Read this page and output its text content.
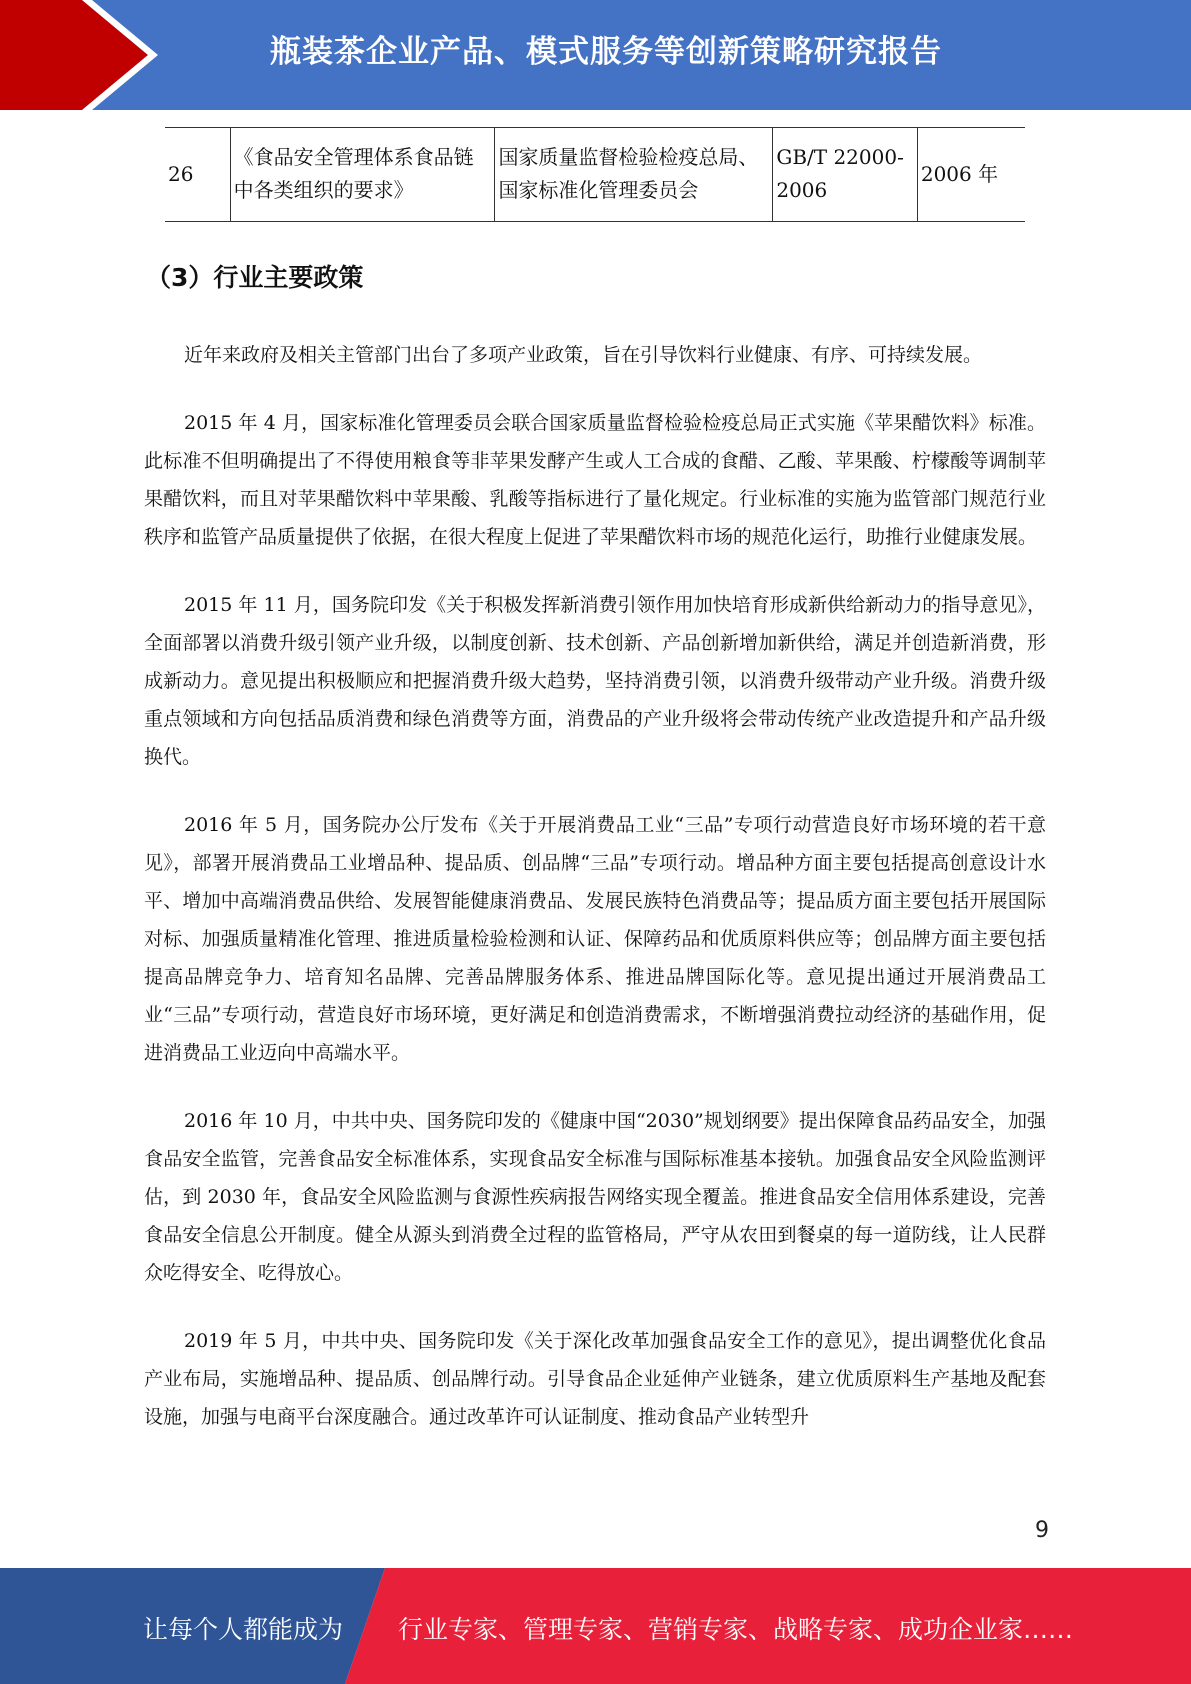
瓶装茶企业产品、模式服务等创新策略研究报告
26	《食品安全管理体系食品链中各类组织的要求》	国家质量监督检验检疫总局、国家标准化管理委员会	GB/T 22000-2006	2006 年
（3）行业主要政策

近年来政府及相关主管部门出台了多项产业政策，旨在引导饮料行业健康、有序、可持续发展。

2015 年 4 月，国家标准化管理委员会联合国家质量监督检验检疫总局正式实施《苹果醋饮料》标准。此标准不但明确提出了不得使用粮食等非苹果发酵产生或人工合成的食醋、乙酸、苹果酸、柠檬酸等调制苹果醋饮料，而且对苹果醋饮料中苹果酸、乳酸等指标进行了量化规定。行业标准的实施为监管部门规范行业秩序和监管产品质量提供了依据，在很大程度上促进了苹果醋饮料市场的规范化运行，助推行业健康发展。

2015 年 11 月，国务院印发《关于积极发挥新消费引领作用加快培育形成新供给新动力的指导意见》，全面部署以消费升级引领产业升级，以制度创新、技术创新、产品创新增加新供给，满足并创造新消费，形成新动力。意见提出积极顺应和把握消费升级大趋势，坚持消费引领，以消费升级带动产业升级。消费升级重点领域和方向包括品质消费和绿色消费等方面，消费品的产业升级将会带动传统产业改造提升和产品升级换代。

2016 年 5 月，国务院办公厅发布《关于开展消费品工业“三品”专项行动营造良好市场环境的若干意见》，部署开展消费品工业增品种、提品质、创品牌“三品”专项行动。增品种方面主要包括提高创意设计水平、增加中高端消费品供给、发展智能健康消费品、发展民族特色消费品等；提品质方面主要包括开展国际对标、加强质量精准化管理、推进质量检验检测和认证、保障药品和优质原料供应等；创品牌方面主要包括提高品牌竞争力、培育知名品牌、完善品牌服务体系、推进品牌国际化等。意见提出通过开展消费品工业“三品”专项行动，营造良好市场环境，更好满足和创造消费需求，不断增强消费拉动经济的基础作用，促进消费品工业迈向中高端水平。

2016 年 10 月，中共中央、国务院印发的《健康中国“2030”规划纲要》提出保障食品药品安全，加强食品安全监管，完善食品安全标准体系，实现食品安全标准与国际标准基本接轨。加强食品安全风险监测评估，到 2030 年，食品安全风险监测与食源性疾病报告网络实现全覆盖。推进食品安全信用体系建设，完善食品安全信息公开制度。健全从源头到消费全过程的监管格局，严守从农田到餐桌的每一道防线，让人民群众吃得安全、吃得放心。

2019 年 5 月，中共中央、国务院印发《关于深化改革加强食品安全工作的意见》，提出调整优化食品产业布局，实施增品种、提品质、创品牌行动。引导食品企业延伸产业链条，建立优质原料生产基地及配套设施，加强与电商平台深度融合。通过改革许可认证制度、推动食品产业转型升

9
让每个人都能成为 行业专家、管理专家、营销专家、战略专家、成功企业家……
